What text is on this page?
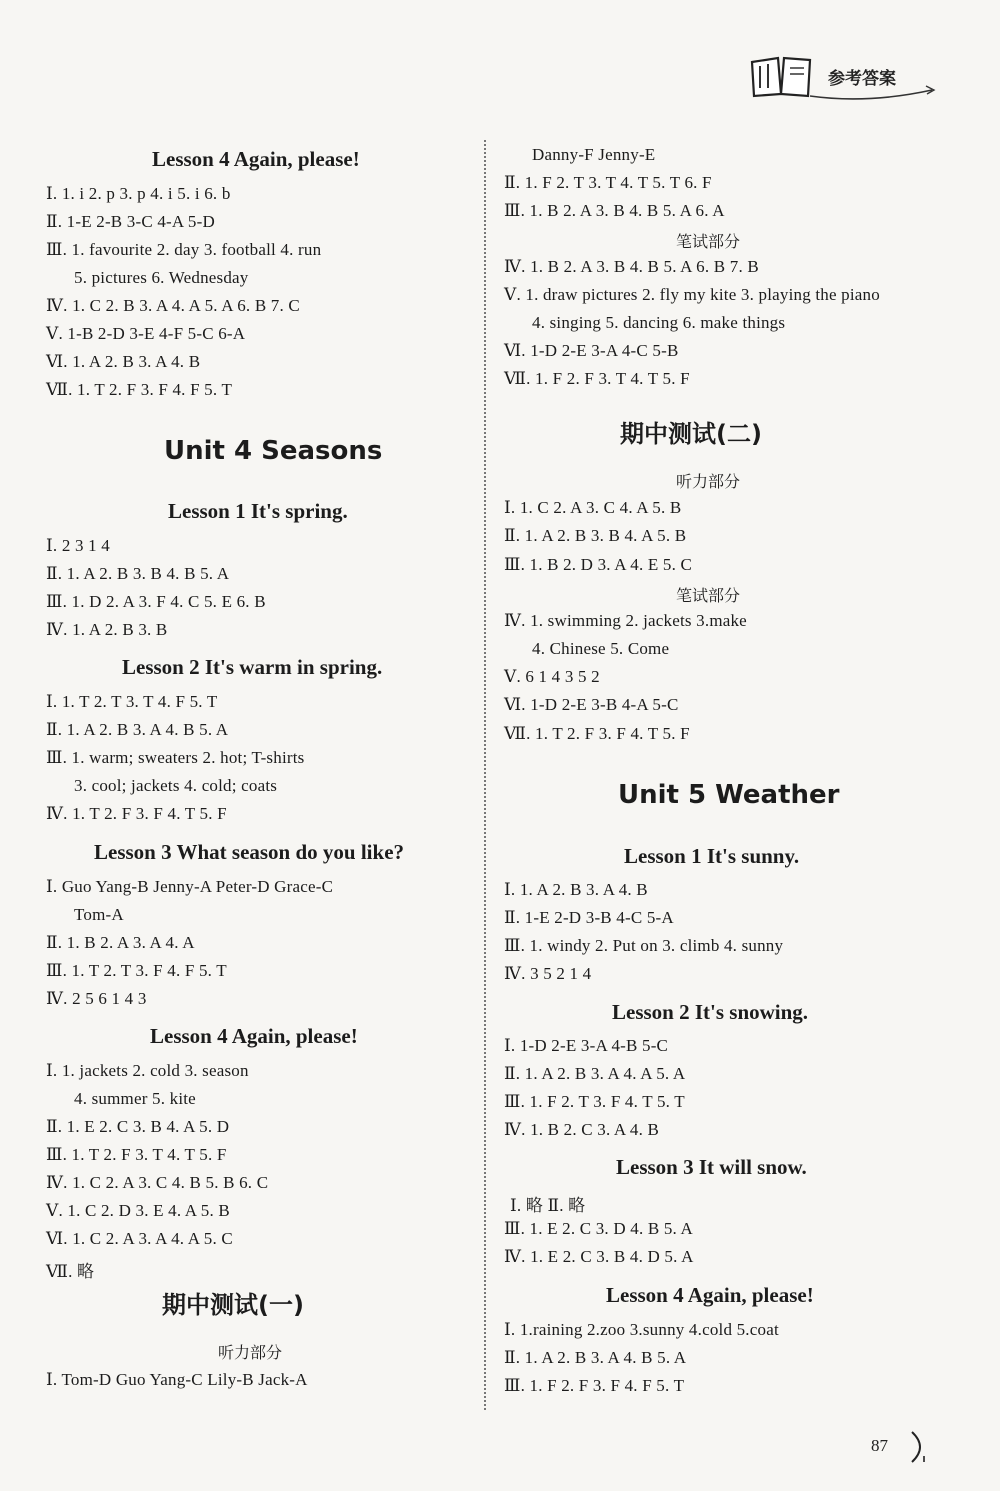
参考答案
Lesson 4 Again, please!
Ⅰ. 1. i 2. p 3. p 4. i 5. i 6. b
Ⅱ. 1-E 2-B 3-C 4-A 5-D
Ⅲ. 1. favourite 2. day 3. football 4. run
5. pictures 6. Wednesday
Ⅳ. 1. C 2. B 3. A 4. A 5. A 6. B 7. C
Ⅴ. 1-B 2-D 3-E 4-F 5-C 6-A
Ⅵ. 1. A 2. B 3. A 4. B
Ⅶ. 1. T 2. F 3. F 4. F 5. T
Unit 4 Seasons
Lesson 1 It's spring.
Ⅰ. 2 3 1 4
Ⅱ. 1. A 2. B 3. B 4. B 5. A
Ⅲ. 1. D 2. A 3. F 4. C 5. E 6. B
Ⅳ. 1. A 2. B 3. B
Lesson 2 It's warm in spring.
Ⅰ. 1. T 2. T 3. T 4. F 5. T
Ⅱ. 1. A 2. B 3. A 4. B 5. A
Ⅲ. 1. warm; sweaters 2. hot; T-shirts
3. cool; jackets 4. cold; coats
Ⅳ. 1. T 2. F 3. F 4. T 5. F
Lesson 3 What season do you like?
Ⅰ. Guo Yang-B Jenny-A Peter-D Grace-C
Tom-A
Ⅱ. 1. B 2. A 3. A 4. A
Ⅲ. 1. T 2. T 3. F 4. F 5. T
Ⅳ. 2 5 6 1 4 3
Lesson 4 Again, please!
Ⅰ. 1. jackets 2. cold 3. season
4. summer 5. kite
Ⅱ. 1. E 2. C 3. B 4. A 5. D
Ⅲ. 1. T 2. F 3. T 4. T 5. F
Ⅳ. 1. C 2. A 3. C 4. B 5. B 6. C
Ⅴ. 1. C 2. D 3. E 4. A 5. B
Ⅵ. 1. C 2. A 3. A 4. A 5. C
Ⅶ. 略
期中测试(一)
听力部分
Ⅰ. Tom-D Guo Yang-C Lily-B Jack-A
Danny-F Jenny-E
Ⅱ. 1. F 2. T 3. T 4. T 5. T 6. F
Ⅲ. 1. B 2. A 3. B 4. B 5. A 6. A
笔试部分
Ⅳ. 1. B 2. A 3. B 4. B 5. A 6. B 7. B
Ⅴ. 1. draw pictures 2. fly my kite 3. playing the piano
4. singing 5. dancing 6. make things
Ⅵ. 1-D 2-E 3-A 4-C 5-B
Ⅶ. 1. F 2. F 3. T 4. T 5. F
期中测试(二)
听力部分
Ⅰ. 1. C 2. A 3. C 4. A 5. B
Ⅱ. 1. A 2. B 3. B 4. A 5. B
Ⅲ. 1. B 2. D 3. A 4. E 5. C
笔试部分
Ⅳ. 1. swimming 2. jackets 3.make
4. Chinese 5. Come
Ⅴ. 6 1 4 3 5 2
Ⅵ. 1-D 2-E 3-B 4-A 5-C
Ⅶ. 1. T 2. F 3. F 4. T 5. F
Unit 5 Weather
Lesson 1 It's sunny.
Ⅰ. 1. A 2. B 3. A 4. B
Ⅱ. 1-E 2-D 3-B 4-C 5-A
Ⅲ. 1. windy 2. Put on 3. climb 4. sunny
Ⅳ. 3 5 2 1 4
Lesson 2 It's snowing.
Ⅰ. 1-D 2-E 3-A 4-B 5-C
Ⅱ. 1. A 2. B 3. A 4. A 5. A
Ⅲ. 1. F 2. T 3. F 4. T 5. T
Ⅳ. 1. B 2. C 3. A 4. B
Lesson 3 It will snow.
Ⅰ. 略 Ⅱ. 略
Ⅲ. 1. E 2. C 3. D 4. B 5. A
Ⅳ. 1. E 2. C 3. B 4. D 5. A
Lesson 4 Again, please!
Ⅰ. 1.raining 2.zoo 3.sunny 4.cold 5.coat
Ⅱ. 1. A 2. B 3. A 4. B 5. A
Ⅲ. 1. F 2. F 3. F 4. F 5. T
87
